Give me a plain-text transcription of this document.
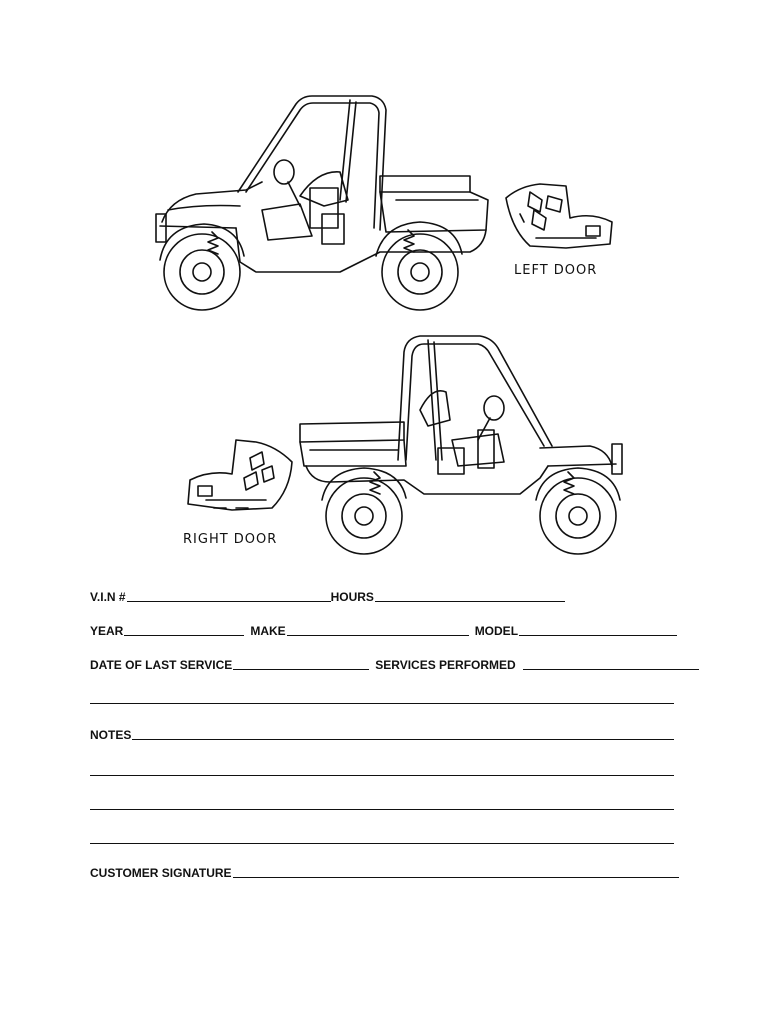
LEFT DOOR
RIGHT DOOR
V.I.N #	HOURS
YEAR	MAKE	MODEL
DATE OF LAST SERVICE	SERVICES PERFORMED
NOTES
CUSTOMER SIGNATURE
